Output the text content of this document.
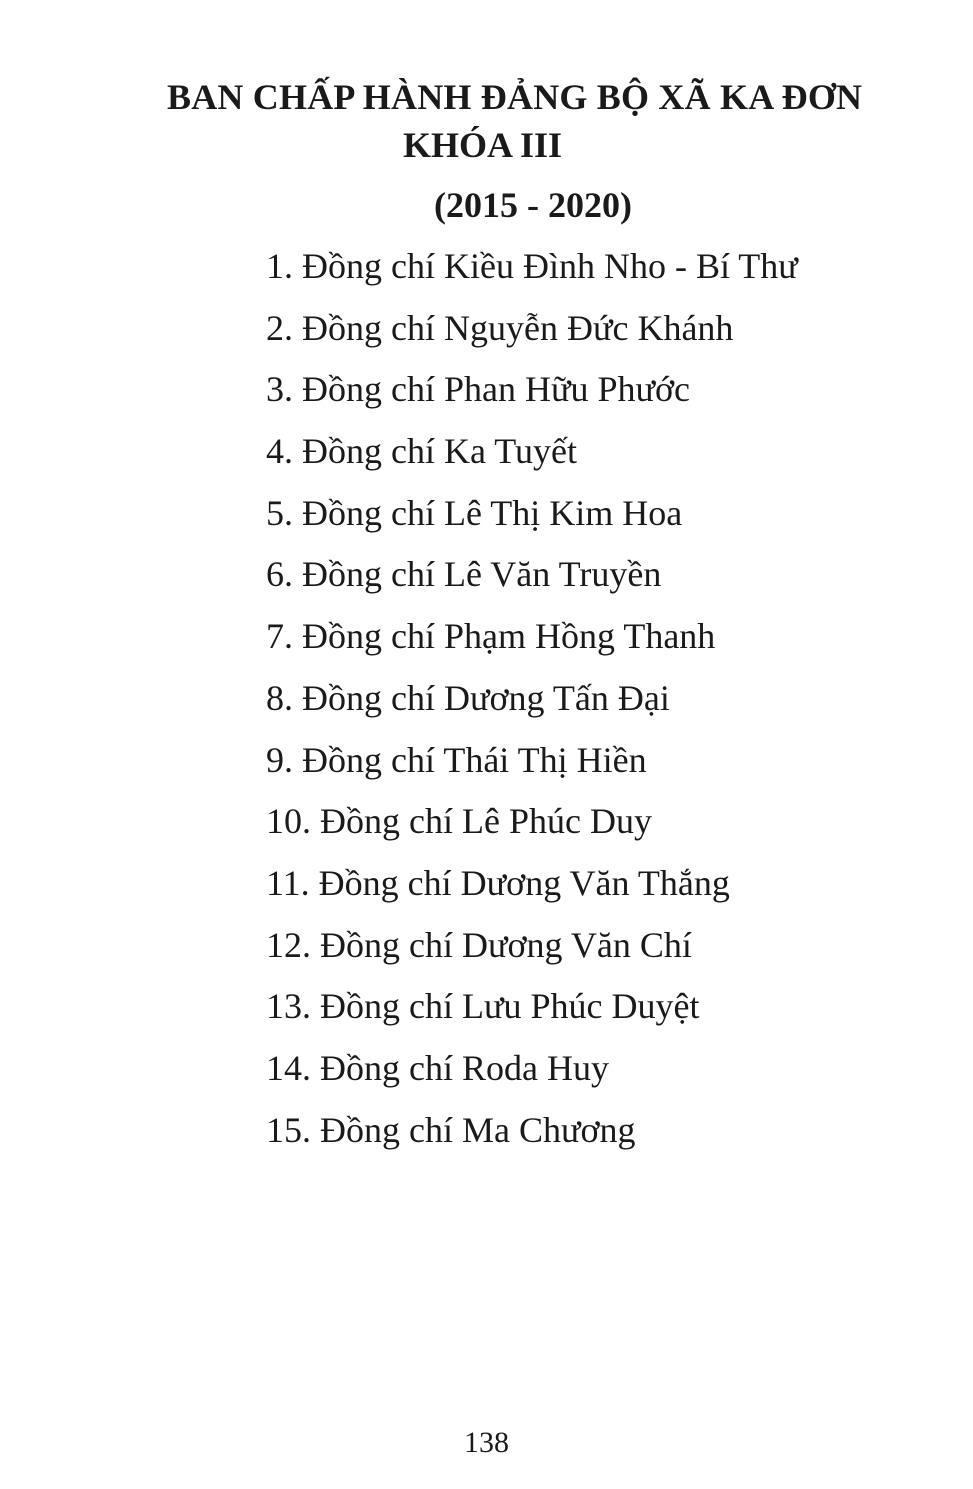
BAN CHẤP HÀNH ĐẢNG BỘ XÃ KA ĐƠN
KHÓA III
(2015 - 2020)
1. Đồng chí Kiều Đình Nho - Bí Thư
2. Đồng chí Nguyễn Đức Khánh
3. Đồng chí Phan Hữu Phước
4. Đồng chí Ka Tuyết
5. Đồng chí Lê Thị Kim Hoa
6. Đồng chí Lê Văn Truyền
7. Đồng chí Phạm Hồng Thanh
8. Đồng chí Dương Tấn Đại
9. Đồng chí Thái Thị Hiền
10. Đồng chí Lê Phúc Duy
11. Đồng chí Dương Văn Thắng
12. Đồng chí Dương Văn Chí
13. Đồng chí Lưu Phúc Duyệt
14. Đồng chí Roda Huy
15. Đồng chí Ma Chương
138
